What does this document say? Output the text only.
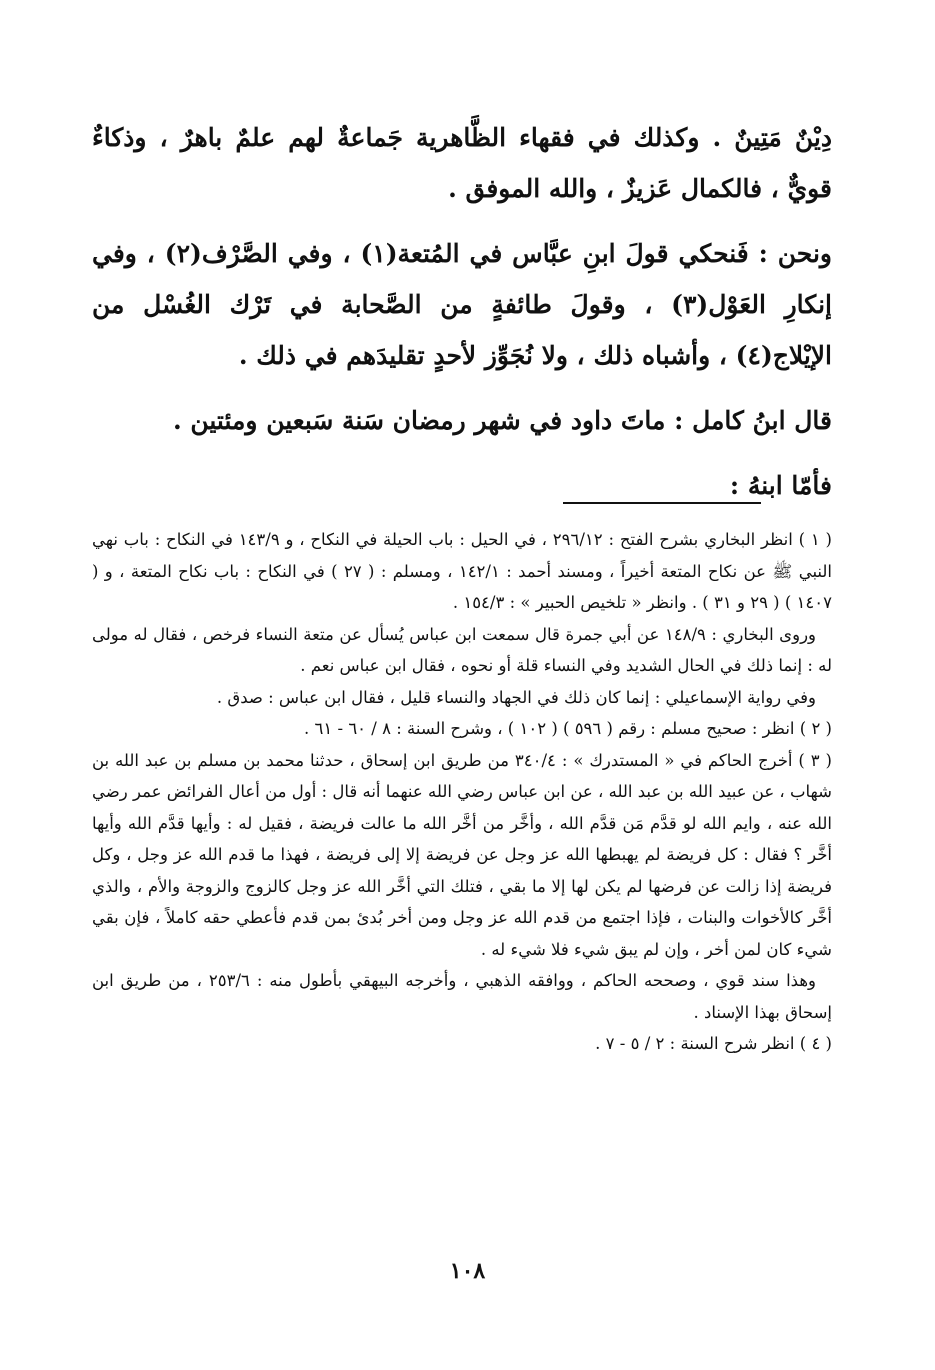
دِيْنٌ مَتِينٌ . وكذلك في فقهاء الظَّاهرية جَماعةٌ لهم علمٌ باهرٌ ، وذكاءٌ قويٌّ ، فالكمال عَزيزٌ ، والله الموفق .

ونحن : فَنحكي قولَ ابنِ عبَّاس في المُتعة(١) ، وفي الصَّرْف(٢) ، وفي إنكارِ العَوْل(٣) ، وقولَ طائفةٍ من الصَّحابة في تَرْك الغُسْل من الإيْلاج(٤) ، وأشباه ذلك ، ولا نُجَوِّز لأحدٍ تقليدَهم في ذلك .

قال ابنُ كامل : ماتَ داود في شهر رمضان سَنة سَبعين ومئتين .

فأمّا ابنهُ :

( ١ ) انظر البخاري بشرح الفتح : ٢٩٦/١٢ ، في الحيل : باب الحيلة في النكاح ، و ١٤٣/٩ في النكاح : باب نهي النبي ﷺ عن نكاح المتعة أخيراً ، ومسند أحمد : ١٤٢/١ ، ومسلم : ( ٢٧ ) في النكاح : باب نكاح المتعة ، و ( ١٤٠٧ ) ( ٢٩ و ٣١ ) . وانظر « تلخيص الحبير » : ١٥٤/٣ .

وروى البخاري : ١٤٨/٩ عن أبي جمرة قال سمعت ابن عباس يُسأل عن متعة النساء فرخص ، فقال له مولى له : إنما ذلك في الحال الشديد وفي النساء قلة أو نحوه ، فقال ابن عباس نعم .

وفي رواية الإسماعيلي : إنما كان ذلك في الجهاد والنساء قليل ، فقال ابن عباس : صدق .

( ٢ ) انظر : صحيح مسلم : رقم ( ٥٩٦ ) ( ١٠٢ ) ، وشرح السنة : ٨ / ٦٠ - ٦١ .

( ٣ ) أخرج الحاكم في « المستدرك » : ٣٤٠/٤ من طريق ابن إسحاق ، حدثنا محمد بن مسلم بن عبد الله بن شهاب ، عن عبيد الله بن عبد الله ، عن ابن عباس رضي الله عنهما أنه قال : أول من أعال الفرائض عمر رضي الله عنه ، وايم الله لو قدَّم مَن قدَّم الله ، وأخَّر من أخَّر الله ما عالت فريضة ، فقيل له : وأيها قدَّم الله وأيها أخَّر ؟ فقال : كل فريضة لم يهبطها الله عز وجل عن فريضة إلا إلى فريضة ، فهذا ما قدم الله عز وجل ، وكل فريضة إذا زالت عن فرضها لم يكن لها إلا ما بقي ، فتلك التي أخَّر الله عز وجل كالزوج والزوجة والأم ، والذي أخَّر كالأخوات والبنات ، فإذا اجتمع من قدم الله عز وجل ومن أخر بُدئ بمن قدم فأعطي حقه كاملاً ، فإن بقي شيء كان لمن أخر ، وإن لم يبق شيء فلا شيء له .

وهذا سند قوي ، وصححه الحاكم ، ووافقه الذهبي ، وأخرجه البيهقي بأطول منه : ٢٥٣/٦ ، من طريق ابن إسحاق بهذا الإسناد .

( ٤ ) انظر شرح السنة : ٢ / ٥ - ٧ .

١٠٨
